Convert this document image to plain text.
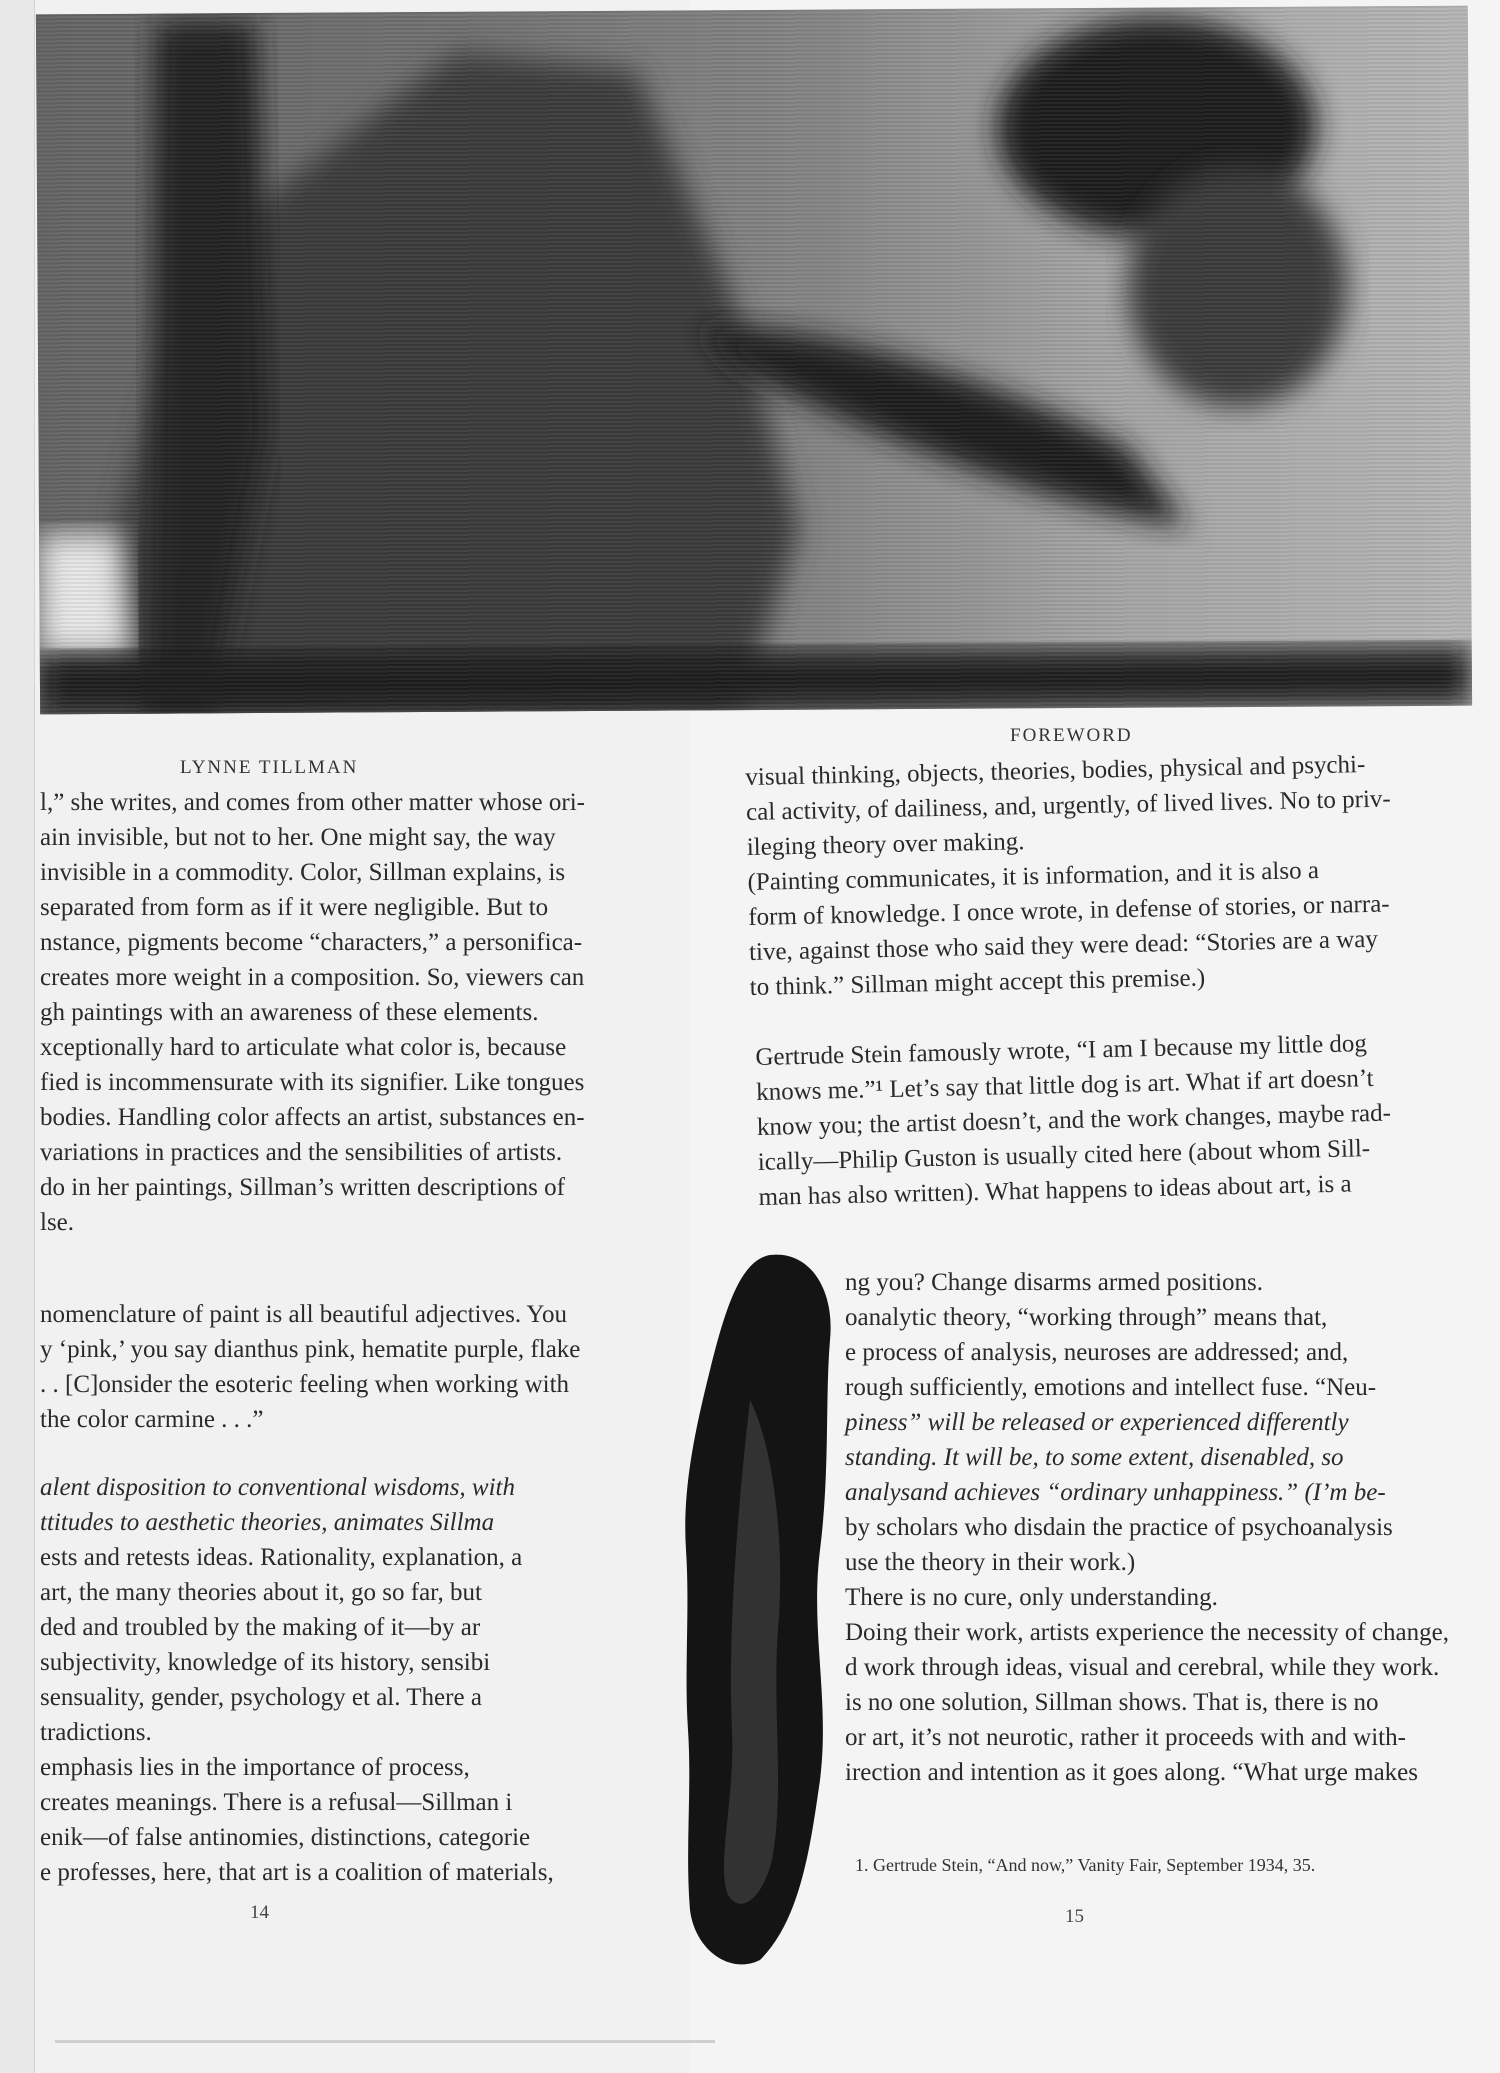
LYNNE TILLMAN
FOREWORD
l,” she writes, and comes from other matter whose ori-
ain invisible, but not to her. One might say, the way
invisible in a commodity. Color, Sillman explains, is
separated from form as if it were negligible. But to
nstance, pigments become “characters,” a personifica-
creates more weight in a composition. So, viewers can
gh paintings with an awareness of these elements.
xceptionally hard to articulate what color is, because
fied is incommensurate with its signifier. Like tongues
bodies. Handling color affects an artist, substances en-
variations in practices and the sensibilities of artists.
do in her paintings, Sillman’s written descriptions of
lse.
nomenclature of paint is all beautiful adjectives. You
y ‘pink,’ you say dianthus pink, hematite purple, flake
. . [C]onsider the esoteric feeling when working with
the color carmine . . .”
alent disposition to conventional wisdoms, with
ttitudes to aesthetic theories, animates Sillma
ests and retests ideas. Rationality, explanation, a
art, the many theories about it, go so far, but
ded and troubled by the making of it—by ar
subjectivity, knowledge of its history, sensibi
sensuality, gender, psychology et al. There a
tradictions.
emphasis lies in the importance of process,
creates meanings. There is a refusal—Sillman i
enik—of false antinomies, distinctions, categorie
e professes, here, that art is a coalition of materials,
visual thinking, objects, theories, bodies, physical and psychi-
cal activity, of dailiness, and, urgently, of lived lives. No to priv-
ileging theory over making.
(Painting communicates, it is information, and it is also a
form of knowledge. I once wrote, in defense of stories, or narra-
tive, against those who said they were dead: “Stories are a way
to think.” Sillman might accept this premise.)
Gertrude Stein famously wrote, “I am I because my little dog
knows me.”¹ Let’s say that little dog is art. What if art doesn’t
know you; the artist doesn’t, and the work changes, maybe rad-
ically—Philip Guston is usually cited here (about whom Sill-
man has also written). What happens to ideas about art, is a
ng you? Change disarms armed positions.
oanalytic theory, “working through” means that,
e process of analysis, neuroses are addressed; and,
rough sufficiently, emotions and intellect fuse. “Neu-
piness” will be released or experienced differently
standing. It will be, to some extent, disenabled, so
analysand achieves “ordinary unhappiness.” (I’m be-
by scholars who disdain the practice of psychoanalysis
use the theory in their work.)
There is no cure, only understanding.
Doing their work, artists experience the necessity of change,
d work through ideas, visual and cerebral, while they work.
is no one solution, Sillman shows. That is, there is no
or art, it’s not neurotic, rather it proceeds with and with-
irection and intention as it goes along. “What urge makes
1. Gertrude Stein, “And now,” Vanity Fair, September 1934, 35.
14	15
